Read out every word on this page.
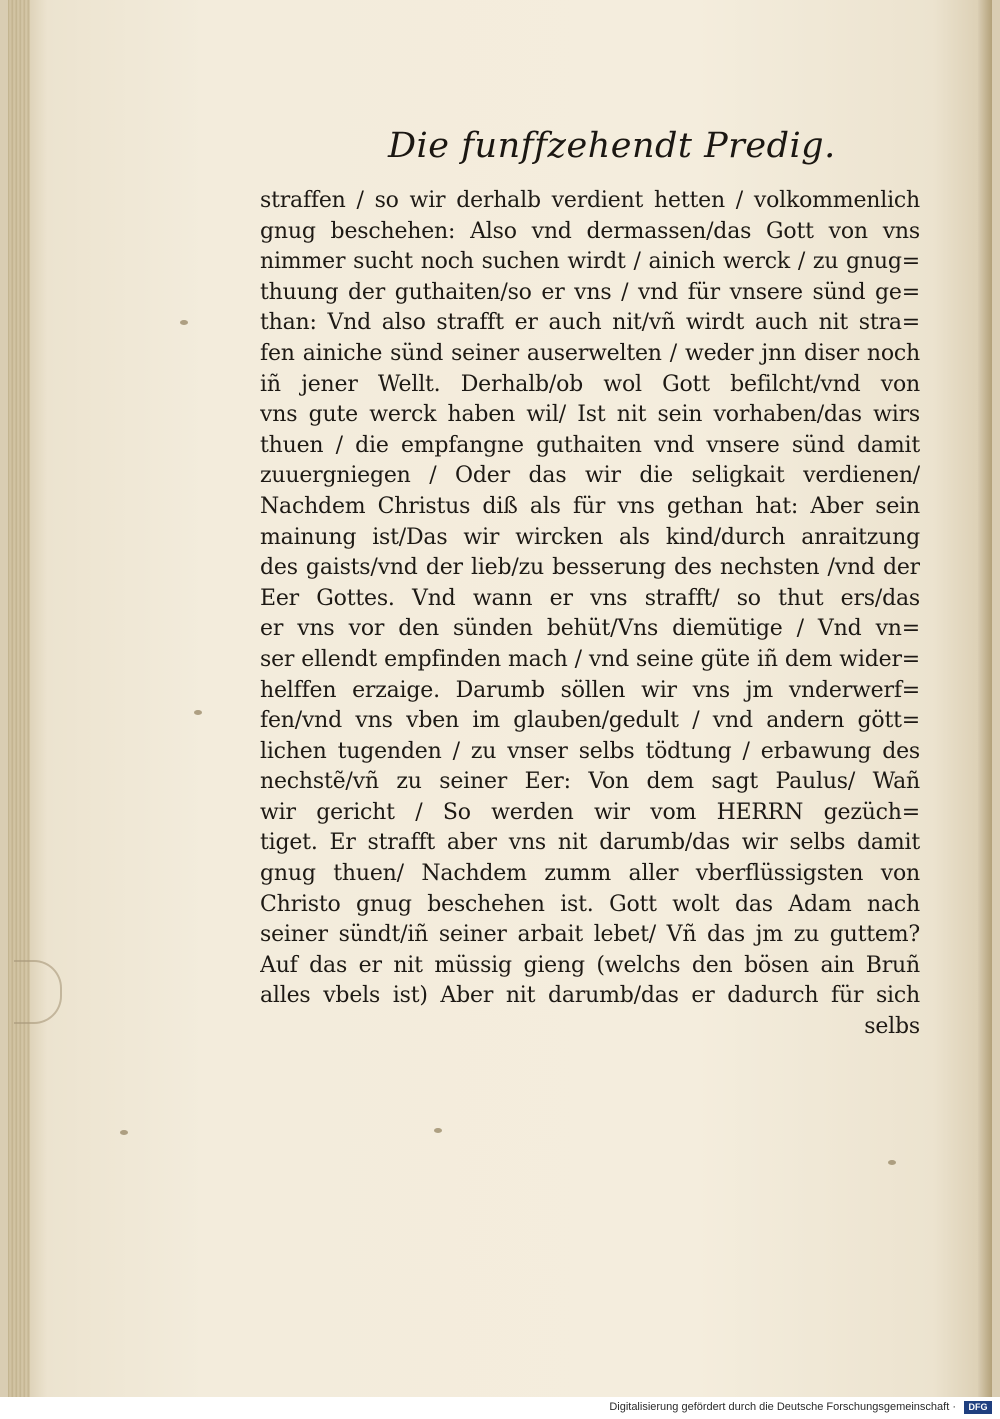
Die funffzehendt Predig.
straffen / so wir derhalb verdient hetten / volkommenlich
gnug beschehen: Also vnd dermassen/das Gott von vns
nimmer sucht noch suchen wirdt / ainich werck / zu gnug=
thuung der guthaiten/so er vns / vnd für vnsere sünd ge=
than: Vnd also strafft er auch nit/vñ wirdt auch nit stra=
fen ainiche sünd seiner auserwelten / weder jnn diser noch
iñ jener Wellt. Derhalb/ob wol Gott befilcht/vnd von
vns gute werck haben wil/ Ist nit sein vorhaben/das wirs
thuen / die empfangne guthaiten vnd vnsere sünd damit
zuuergniegen / Oder das wir die seligkait verdienen/
Nachdem Christus diß als für vns gethan hat: Aber sein
mainung ist/Das wir wircken als kind/durch anraitzung
des gaists/vnd der lieb/zu besserung des nechsten /vnd der
Eer Gottes. Vnd wann er vns strafft/ so thut ers/das
er vns vor den sünden behüt/Vns diemütige / Vnd vn=
ser ellendt empfinden mach / vnd seine güte iñ dem wider=
helffen erzaige. Darumb söllen wir vns jm vnderwerf=
fen/vnd vns vben im glauben/gedult / vnd andern gött=
lichen tugenden / zu vnser selbs tödtung / erbawung des
nechstẽ/vñ zu seiner Eer: Von dem sagt Paulus/ Wañ
wir gericht / So werden wir vom HERRN gezüch=
tiget. Er strafft aber vns nit darumb/das wir selbs damit
gnug thuen/ Nachdem zumm aller vberflüssigsten von
Christo gnug beschehen ist. Gott wolt das Adam nach
seiner sündt/iñ seiner arbait lebet/ Vñ das jm zu guttem?
Auf das er nit müssig gieng (welchs den bösen ain Bruñ
alles vbels ist) Aber nit darumb/das er dadurch für sich
selbs
Digitalisierung gefördert durch die Deutsche Forschungsgemeinschaft ·	DFG
